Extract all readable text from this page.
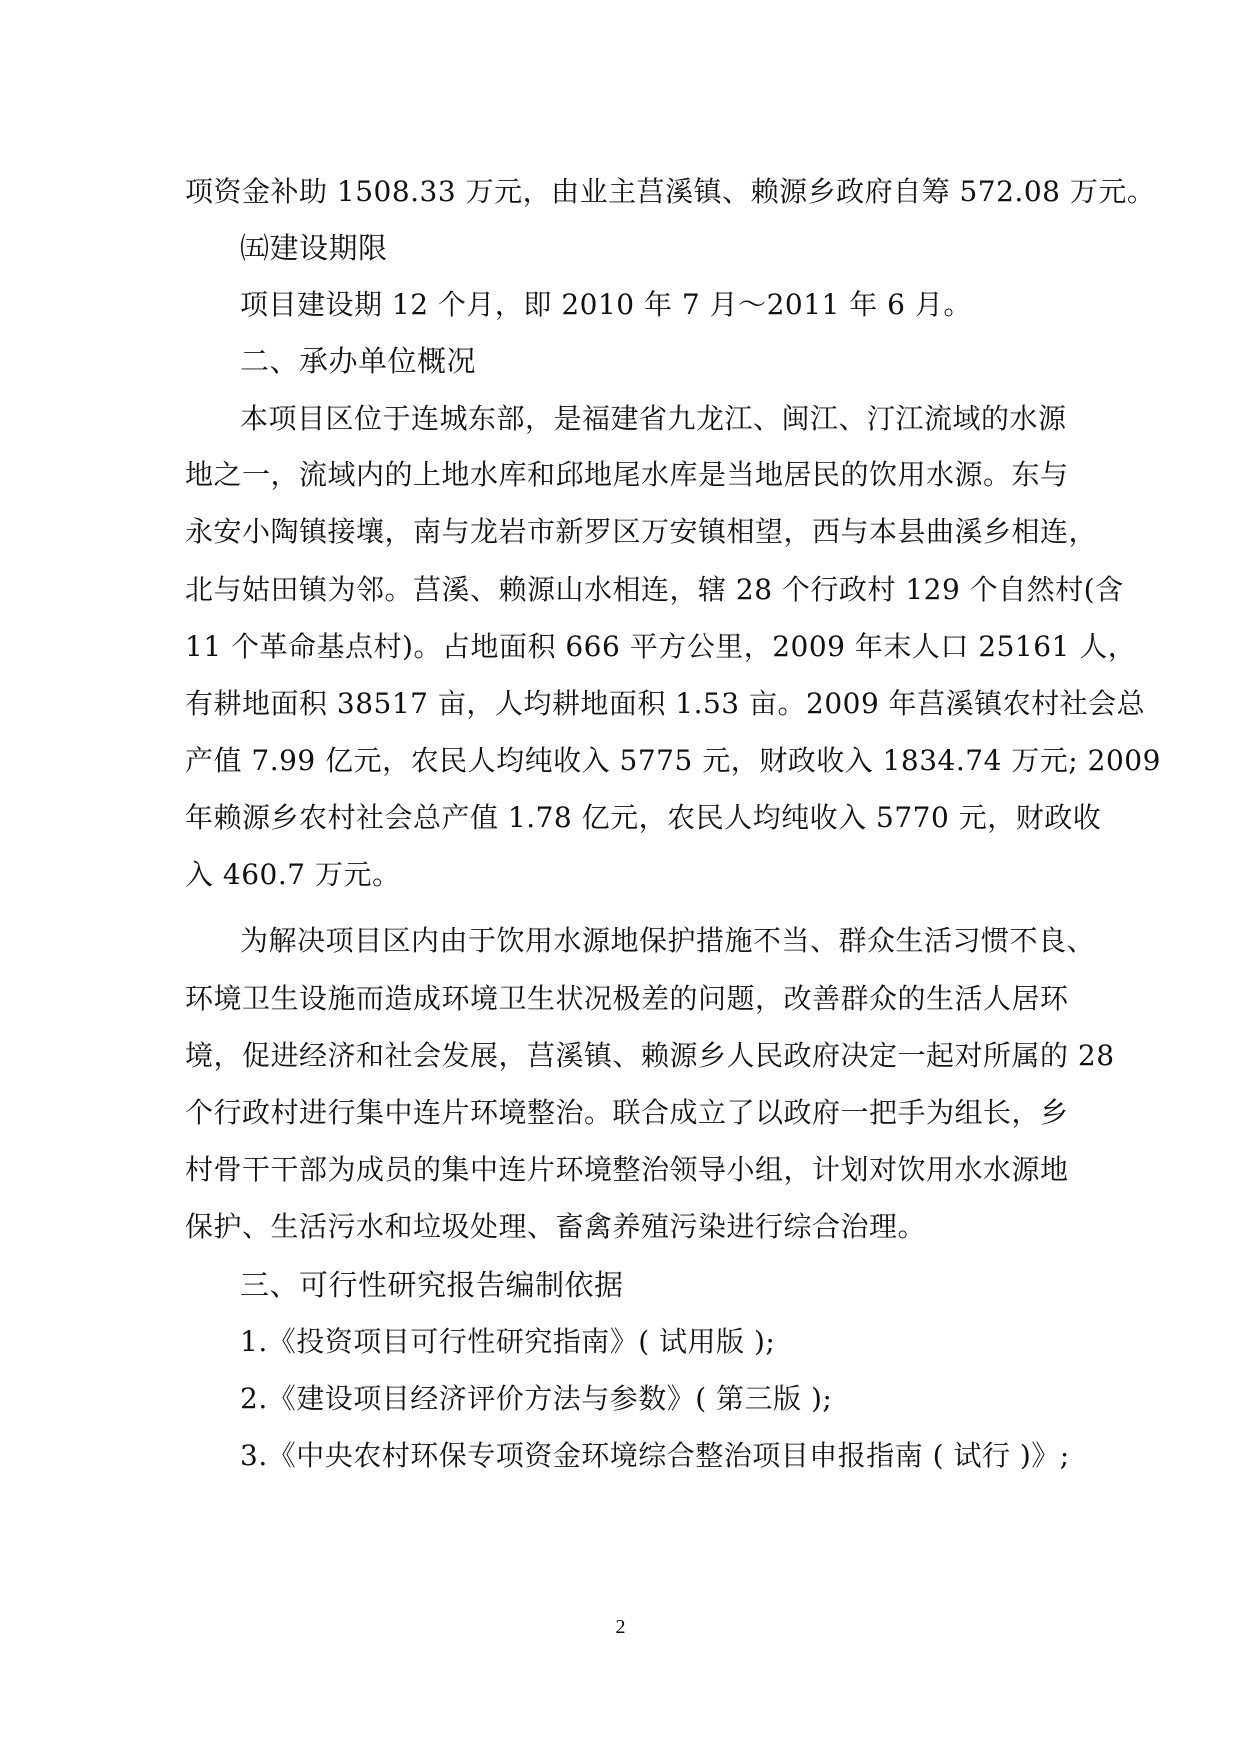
项资金补助 1508.33 万元，由业主莒溪镇、赖源乡政府自筹 572.08 万元。
㈤建设期限
项目建设期 12 个月，即 2010 年 7 月～2011 年 6 月。
二、承办单位概况
本项目区位于连城东部，是福建省九龙江、闽江、汀江流域的水源
地之一，流域内的上地水库和邱地尾水库是当地居民的饮用水源。东与
永安小陶镇接壤，南与龙岩市新罗区万安镇相望，西与本县曲溪乡相连，
北与姑田镇为邻。莒溪、赖源山水相连，辖 28 个行政村 129 个自然村(含
11 个革命基点村)。占地面积 666 平方公里，2009 年末人口 25161 人，
有耕地面积 38517 亩，人均耕地面积 1.53 亩。2009 年莒溪镇农村社会总
产值 7.99 亿元，农民人均纯收入 5775 元，财政收入 1834.74 万元; 2009
年赖源乡农村社会总产值 1.78 亿元，农民人均纯收入 5770 元，财政收
入 460.7 万元。
为解决项目区内由于饮用水源地保护措施不当、群众生活习惯不良、
环境卫生设施而造成环境卫生状况极差的问题，改善群众的生活人居环
境，促进经济和社会发展，莒溪镇、赖源乡人民政府决定一起对所属的 28
个行政村进行集中连片环境整治。联合成立了以政府一把手为组长，乡
村骨干干部为成员的集中连片环境整治领导小组，计划对饮用水水源地
保护、生活污水和垃圾处理、畜禽养殖污染进行综合治理。
三、可行性研究报告编制依据
1.《投资项目可行性研究指南》( 试用版 );
2.《建设项目经济评价方法与参数》( 第三版 );
3.《中央农村环保专项资金环境综合整治项目申报指南 ( 试行 )》;
2
